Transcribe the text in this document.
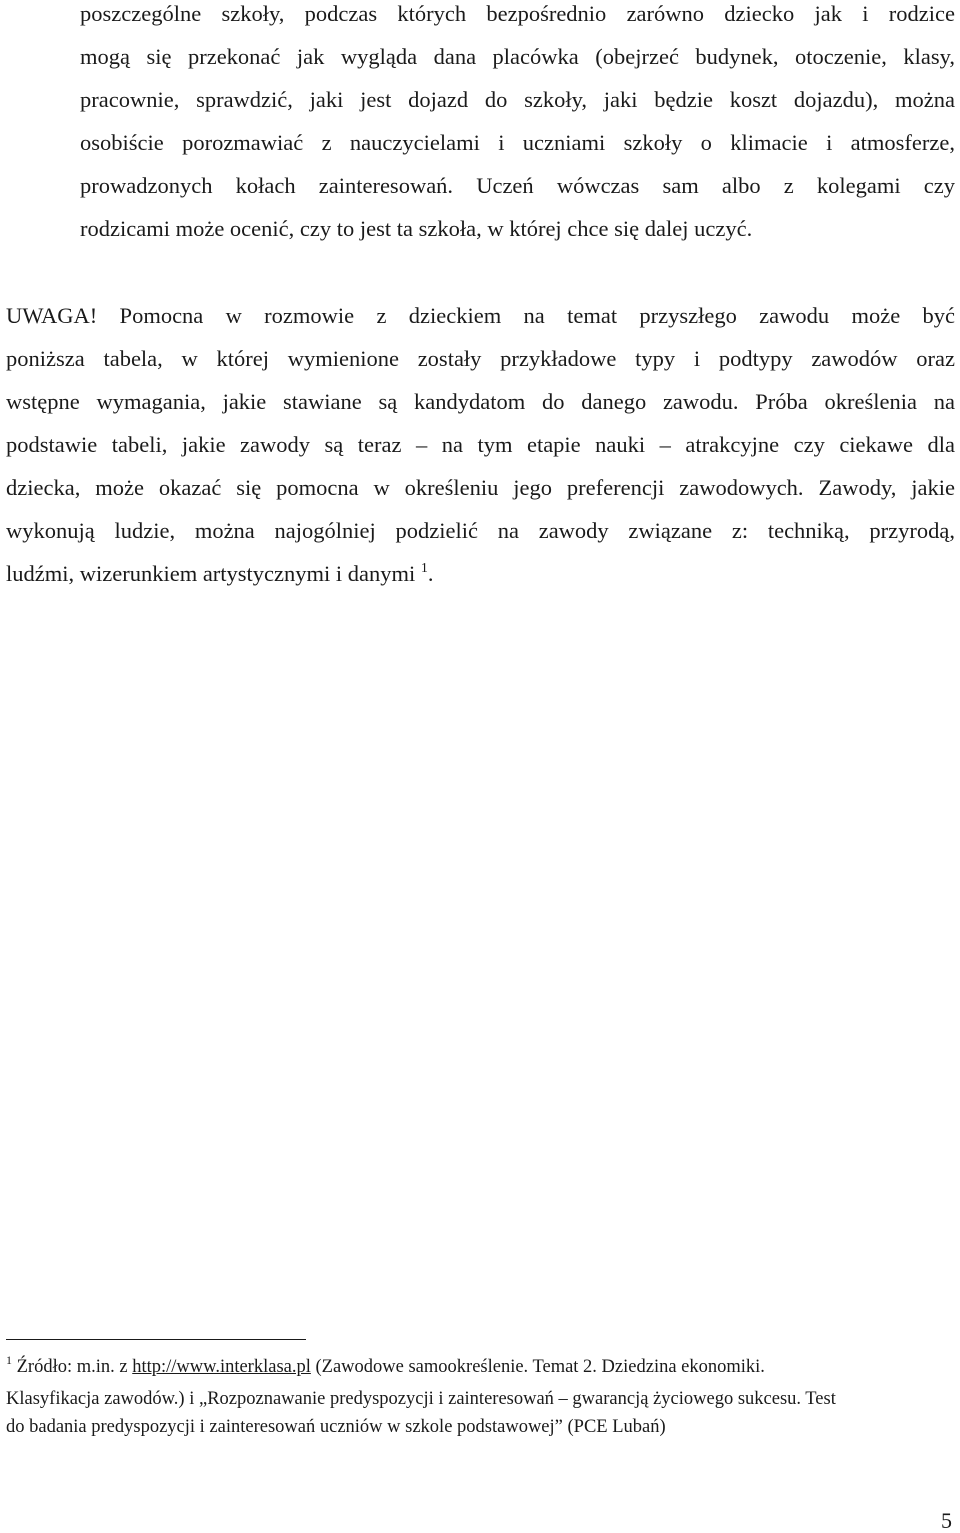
poszczególne szkoły, podczas których bezpośrednio zarówno dziecko jak i rodzice
mogą się przekonać jak wygląda dana placówka (obejrzeć budynek, otoczenie, klasy,
pracownie, sprawdzić, jaki jest dojazd do szkoły, jaki będzie koszt dojazdu), można
osobiście porozmawiać z nauczycielami i uczniami szkoły o klimacie i atmosferze,
prowadzonych kołach zainteresowań. Uczeń wówczas sam albo z kolegami czy
rodzicami może ocenić, czy to jest ta szkoła, w której chce się dalej uczyć.
UWAGA! Pomocna w rozmowie z dzieckiem na temat przyszłego zawodu może być
poniższa tabela, w której wymienione zostały przykładowe typy i podtypy zawodów oraz
wstępne wymagania, jakie stawiane są kandydatom do danego zawodu. Próba określenia na
podstawie tabeli, jakie zawody są teraz – na tym etapie nauki – atrakcyjne czy ciekawe dla
dziecka, może okazać się pomocna w określeniu jego preferencji zawodowych. Zawody, jakie
wykonują ludzie, można najogólniej podzielić na zawody związane z: techniką, przyrodą,
ludźmi, wizerunkiem artystycznymi i danymi $^1$.
$^1$ Źródło: m.in. z http://www.interklasa.pl (Zawodowe samookreślenie. Temat 2. Dziedzina ekonomiki.
Klasyfikacja zawodów.) i „Rozpoznawanie predyspozycji i zainteresowań – gwarancją życiowego sukcesu. Test
do badania predyspozycji i zainteresowań uczniów w szkole podstawowej” (PCE Lubań)
5
